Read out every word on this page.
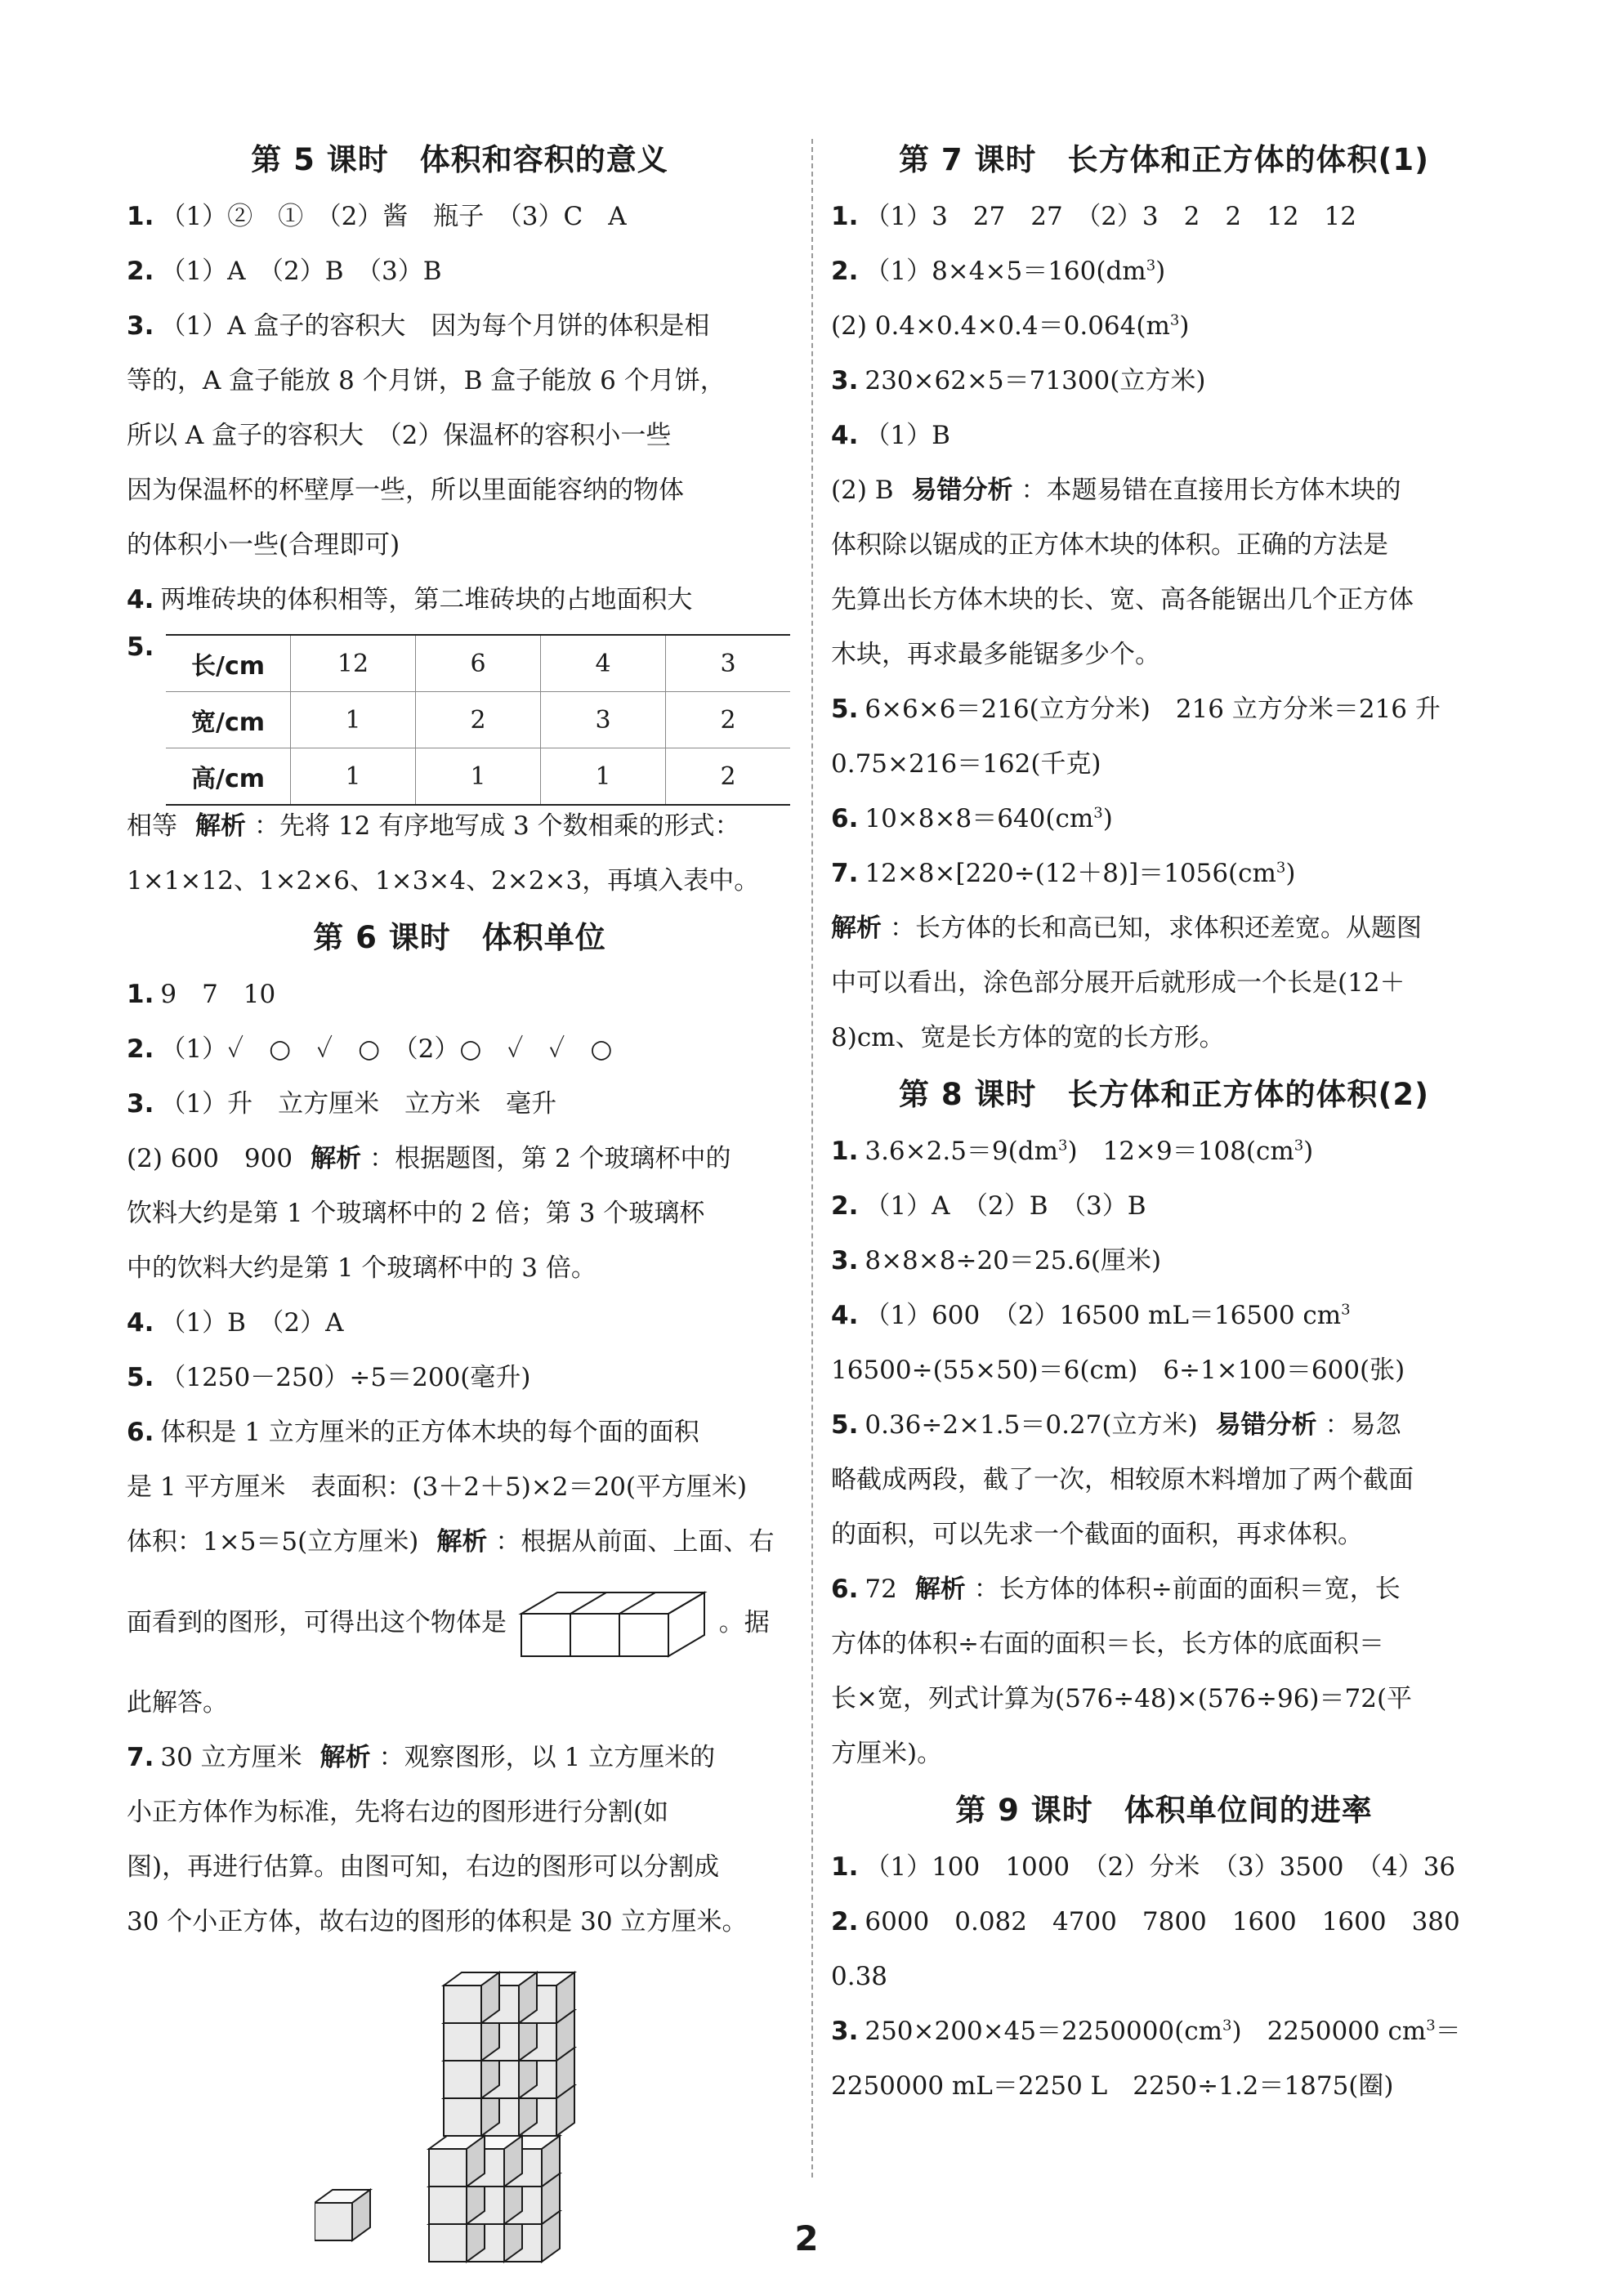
第 5 课时　体积和容积的意义
1. （1）②　①　（2）酱　瓶子　（3）C　A
2. （1）A　（2）B　（3）B
3. （1）A 盒子的容积大　因为每个月饼的体积是相
等的，A 盒子能放 8 个月饼，B 盒子能放 6 个月饼，
所以 A 盒子的容积大　（2）保温杯的容积小一些
因为保温杯的杯壁厚一些，所以里面能容纳的物体
的体积小一些(合理即可)
4. 两堆砖块的体积相等，第二堆砖块的占地面积大
5.
长/cm	12	6	4	3
宽/cm	1	2	3	2
高/cm	1	1	1	2
相等 解析 ：先将 12 有序地写成 3 个数相乘的形式：
1×1×12、1×2×6、1×3×4、2×2×3，再填入表中。
第 6 课时　体积单位
1. 9　7　10
2. （1）✓　○　✓　○　（2）○　✓　✓　○
3. （1）升　立方厘米　立方米　毫升
(2) 600　900 解析 ：根据题图，第 2 个玻璃杯中的
饮料大约是第 1 个玻璃杯中的 2 倍；第 3 个玻璃杯
中的饮料大约是第 1 个玻璃杯中的 3 倍。
4. （1）B　（2）A
5. （1250－250）÷5＝200(毫升)
6. 体积是 1 立方厘米的正方体木块的每个面的面积
是 1 平方厘米　表面积：(3＋2＋5)×2＝20(平方厘米)
体积：1×5＝5(立方厘米) 解析 ：根据从前面、上面、右
面看到的图形，可得出这个物体是	。据
此解答。
7. 30 立方厘米 解析 ：观察图形，以 1 立方厘米的
小正方体作为标准，先将右边的图形进行分割(如
图)，再进行估算。由图可知，右边的图形可以分割成
30 个小正方体，故右边的图形的体积是 30 立方厘米。
第 7 课时　长方体和正方体的体积(1)
1. （1）3　27　27　（2）3　2　2　12　12
2. $(1)8\times 4\times 5=160(dm^3)$
(2) $0.4\times 0.4\times 0.4=0.064(m^3)$
3. 230×62×5＝71300(立方米)
4. （1）B
(2) B 易错分析 ：本题易错在直接用长方体木块的
体积除以锯成的正方体木块的体积。正确的方法是
先算出长方体木块的长、宽、高各能锯出几个正方体
木块，再求最多能锯多少个。
5. 6×6×6＝216(立方分米)　216 立方分米＝216 升
0.75×216＝162(千克)
6. $10\times 8\times 8=640(cm^3)$
7. $12\times 8\times[220\div(12+8)]=1056(cm^3)$
解析 ：长方体的长和高已知，求体积还差宽。从题图
中可以看出，涂色部分展开后就形成一个长是(12＋
8)cm、宽是长方体的宽的长方形。
第 8 课时　长方体和正方体的体积(2)
1. $3.6\times 2.5=9(dm^3)$　$12\times 9=108(cm^3)$
2. （1）A　（2）B　（3）B
3. 8×8×8÷20＝25.6(厘米)
4. （1）600　（2）16500 mL＝16500 $cm^3$
16500÷(55×50)＝6(cm)　6÷1×100＝600(张)
5. 0.36÷2×1.5＝0.27(立方米) 易错分析 ：易忽
略截成两段，截了一次，相较原木料增加了两个截面
的面积，可以先求一个截面的面积，再求体积。
6. 72 解析 ：长方体的体积÷前面的面积＝宽，长
方体的体积÷右面的面积＝长，长方体的底面积＝
长×宽，列式计算为(576÷48)×(576÷96)＝72(平
方厘米)。
第 9 课时　体积单位间的进率
1. （1）100　1000　（2）分米　（3）3500　（4）36
2. 6000　0.082　4700　7800　1600　1600　380
0.38
3. $250\times 200\times 45=2250000(cm^3)$　2250000 $cm^3=$
2250000 mL＝2250 L　2250÷1.2＝1875(圈)
2
